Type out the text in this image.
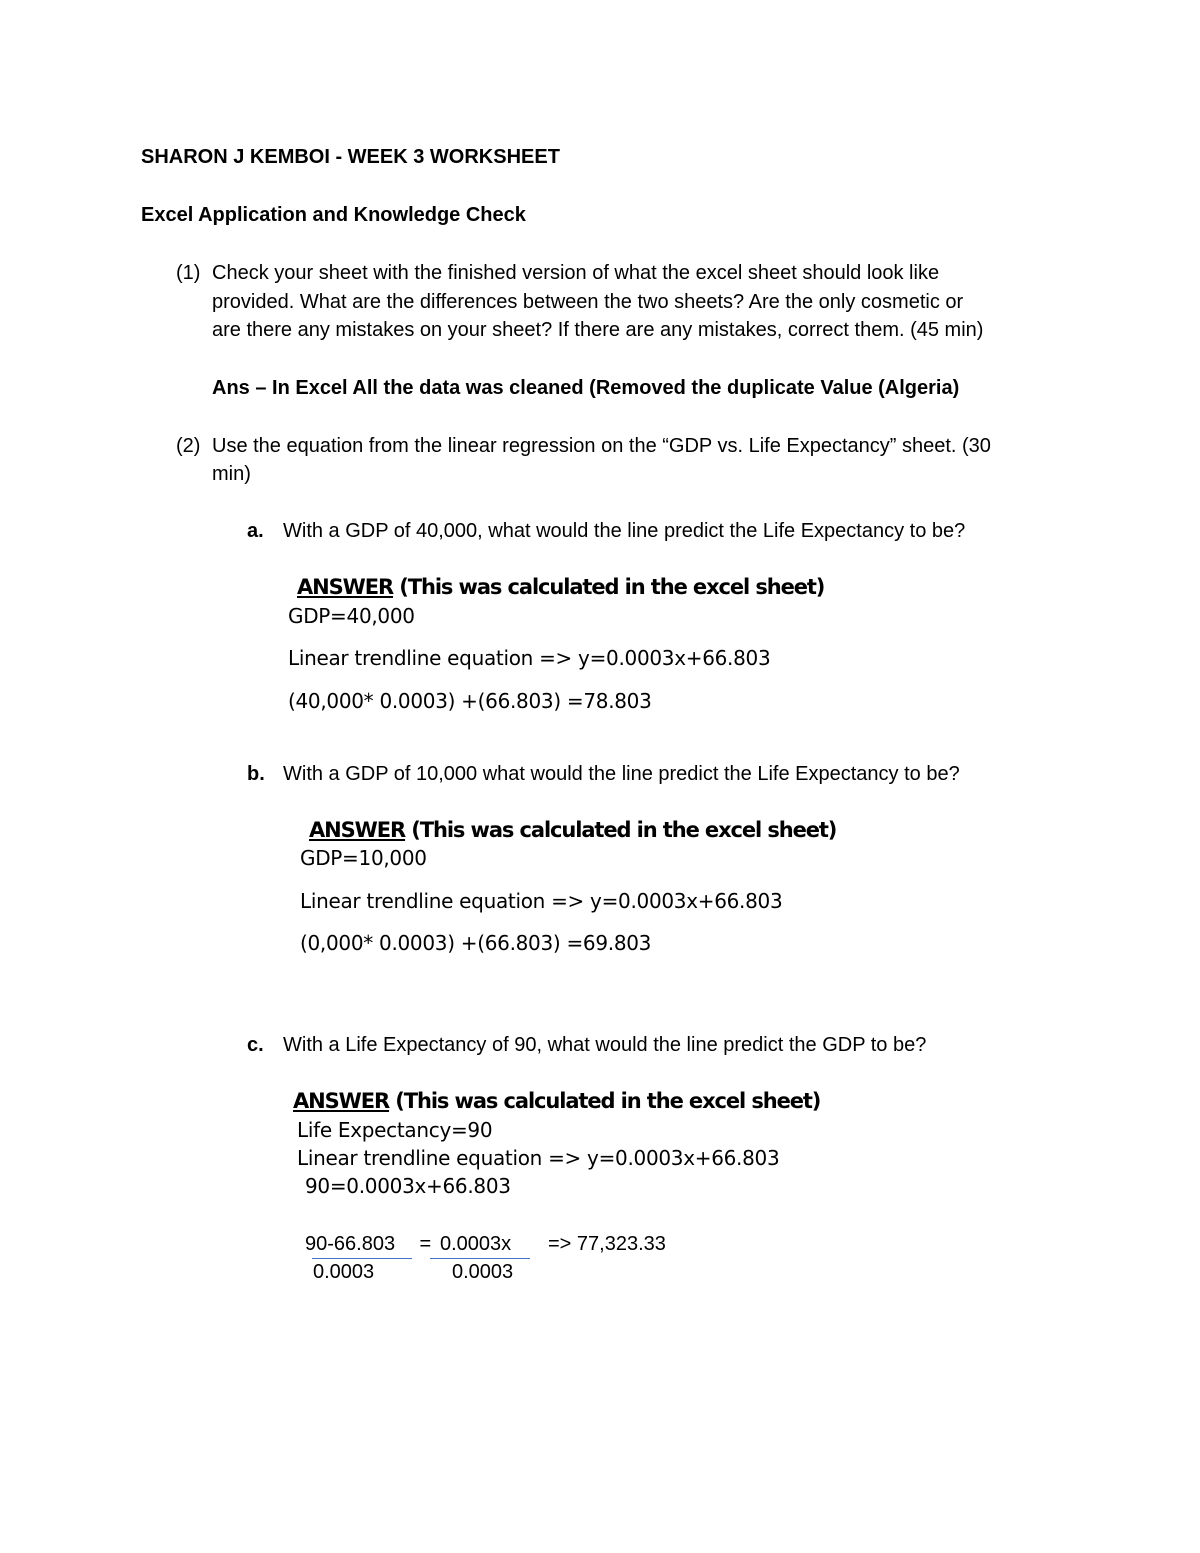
SHARON J KEMBOI - WEEK 3 WORKSHEET
Excel Application and Knowledge Check
(1) Check your sheet with the finished version of what the excel sheet should look like
provided. What are the differences between the two sheets? Are the only cosmetic or
are there any mistakes on your sheet? If there are any mistakes, correct them. (45 min)
Ans – In Excel All the data was cleaned (Removed the duplicate Value (Algeria)
(2) Use the equation from the linear regression on the “GDP vs. Life Expectancy” sheet. (30
min)
a. With a GDP of 40,000, what would the line predict the Life Expectancy to be?
ANSWER (This was calculated in the excel sheet)
GDP=40,000
Linear trendline equation => y=0.0003x+66.803
(40,000* 0.0003) +(66.803) =78.803
b. With a GDP of 10,000 what would the line predict the Life Expectancy to be?
ANSWER (This was calculated in the excel sheet)
GDP=10,000
Linear trendline equation => y=0.0003x+66.803
(0,000* 0.0003) +(66.803) =69.803
c. With a Life Expectancy of 90, what would the line predict the GDP to be?
ANSWER (This was calculated in the excel sheet)
Life Expectancy=90
Linear trendline equation => y=0.0003x+66.803
90=0.0003x+66.803
90-66.803 = 0.0003x => 77,323.33
0.0003	0.0003
